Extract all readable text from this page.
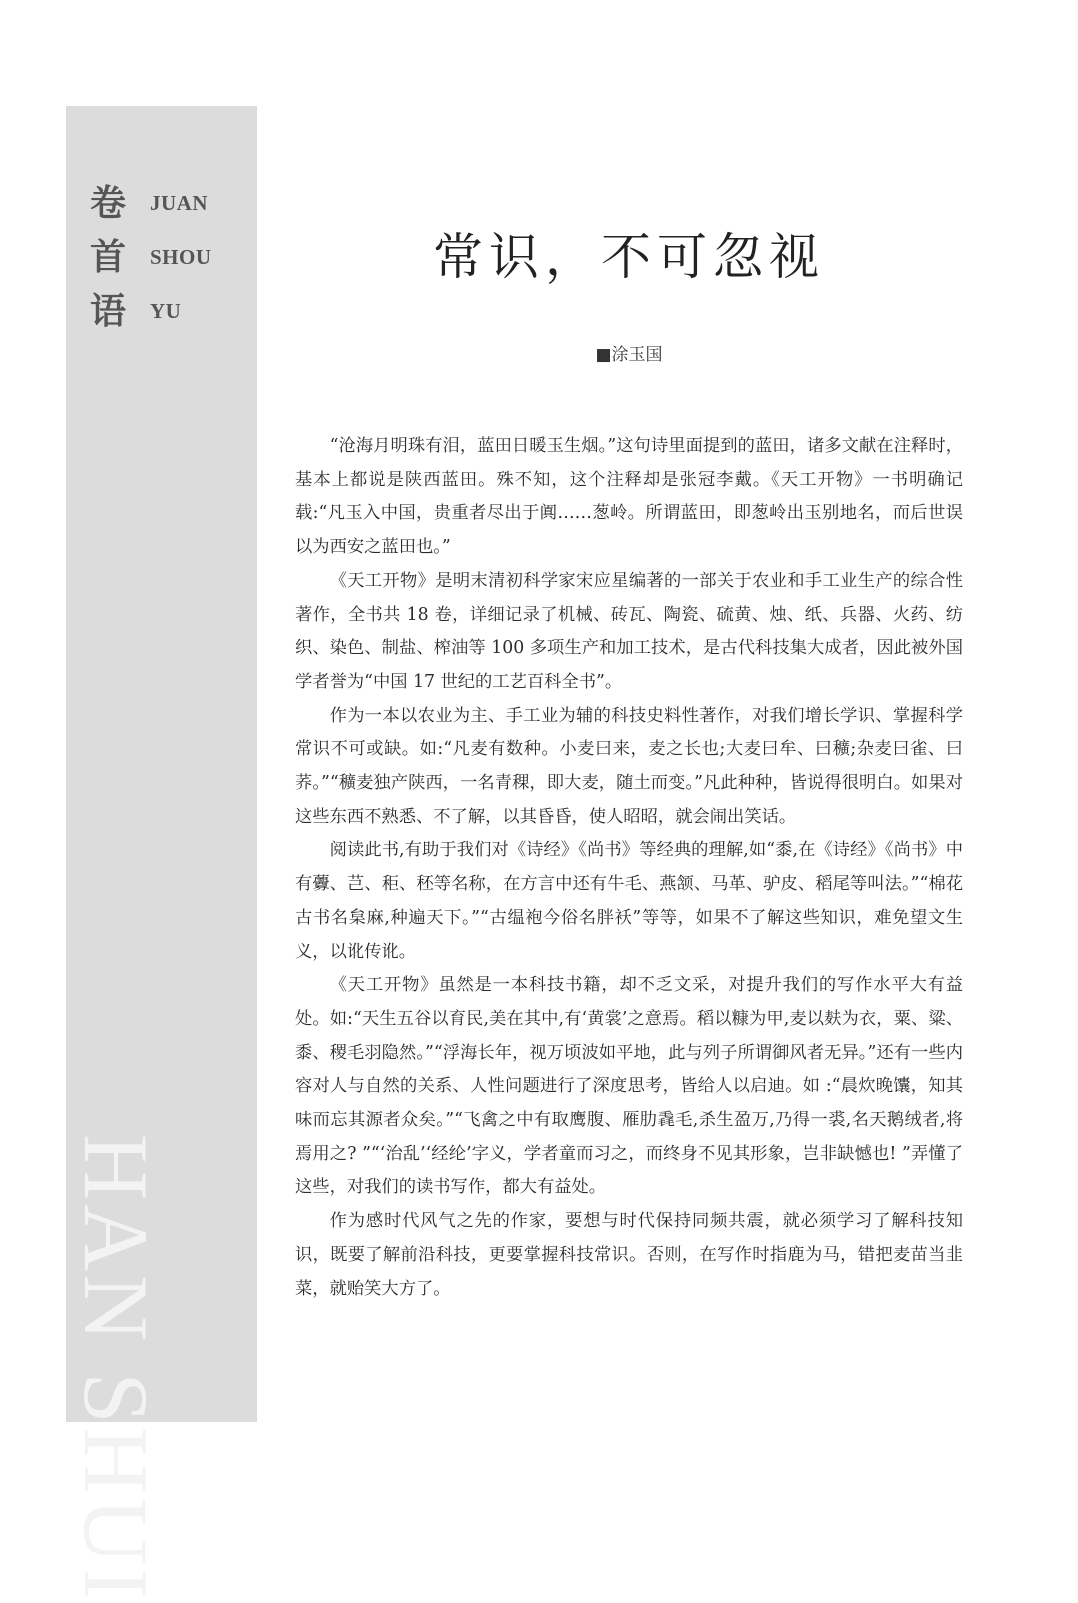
卷	JUAN
首	SHOU
语	YU
HAN SHUI
常识，不可忽视
■涂玉国

“沧海月明珠有泪，蓝田日暖玉生烟。”这句诗里面提到的蓝田，诸多文献在注释时，基本上都说是陕西蓝田。殊不知，这个注释却是张冠李戴。《天工开物》一书明确记载:“凡玉入中国，贵重者尽出于阗……葱岭。所谓蓝田，即葱岭出玉别地名，而后世误以为西安之蓝田也。”

《天工开物》是明末清初科学家宋应星编著的一部关于农业和手工业生产的综合性著作，全书共 18 卷，详细记录了机械、砖瓦、陶瓷、硫黄、烛、纸、兵器、火药、纺织、染色、制盐、榨油等 100 多项生产和加工技术，是古代科技集大成者，因此被外国学者誉为“中国 17 世纪的工艺百科全书”。

作为一本以农业为主、手工业为辅的科技史料性著作，对我们增长学识、掌握科学常识不可或缺。如:“凡麦有数种。小麦曰来，麦之长也;大麦曰牟、曰穬;杂麦曰雀、曰荞。”“穬麦独产陕西，一名青稞，即大麦，随土而变。”凡此种种，皆说得很明白。如果对这些东西不熟悉、不了解，以其昏昏，使人昭昭，就会闹出笑话。

阅读此书,有助于我们对《诗经》《尚书》等经典的理解,如“黍,在《诗经》《尚书》中有虋、芑、秬、秠等名称，在方言中还有牛毛、燕颔、马革、驴皮、稻尾等叫法。”“棉花古书名枲麻,种遍天下。”“古缊袍今俗名胖袄”等等，如果不了解这些知识，难免望文生义，以讹传讹。

《天工开物》虽然是一本科技书籍，却不乏文采，对提升我们的写作水平大有益处。如:“天生五谷以育民,美在其中,有‘黄裳’之意焉。稻以糠为甲,麦以麸为衣，粟、粱、黍、稷毛羽隐然。”“浮海长年，视万顷波如平地，此与列子所谓御风者无异。”还有一些内容对人与自然的关系、人性问题进行了深度思考，皆给人以启迪。如 :“晨炊晚馕，知其味而忘其源者众矣。”“飞禽之中有取鹰腹、雁肋毳毛,杀生盈万,乃得一裘,名天鹅绒者,将焉用之? ”“‘治乱’‘经纶’字义，学者童而习之，而终身不见其形象，岂非缺憾也! ”弄懂了这些，对我们的读书写作，都大有益处。

作为感时代风气之先的作家，要想与时代保持同频共震，就必须学习了解科技知识，既要了解前沿科技，更要掌握科技常识。否则，在写作时指鹿为马，错把麦苗当韭菜，就贻笑大方了。
